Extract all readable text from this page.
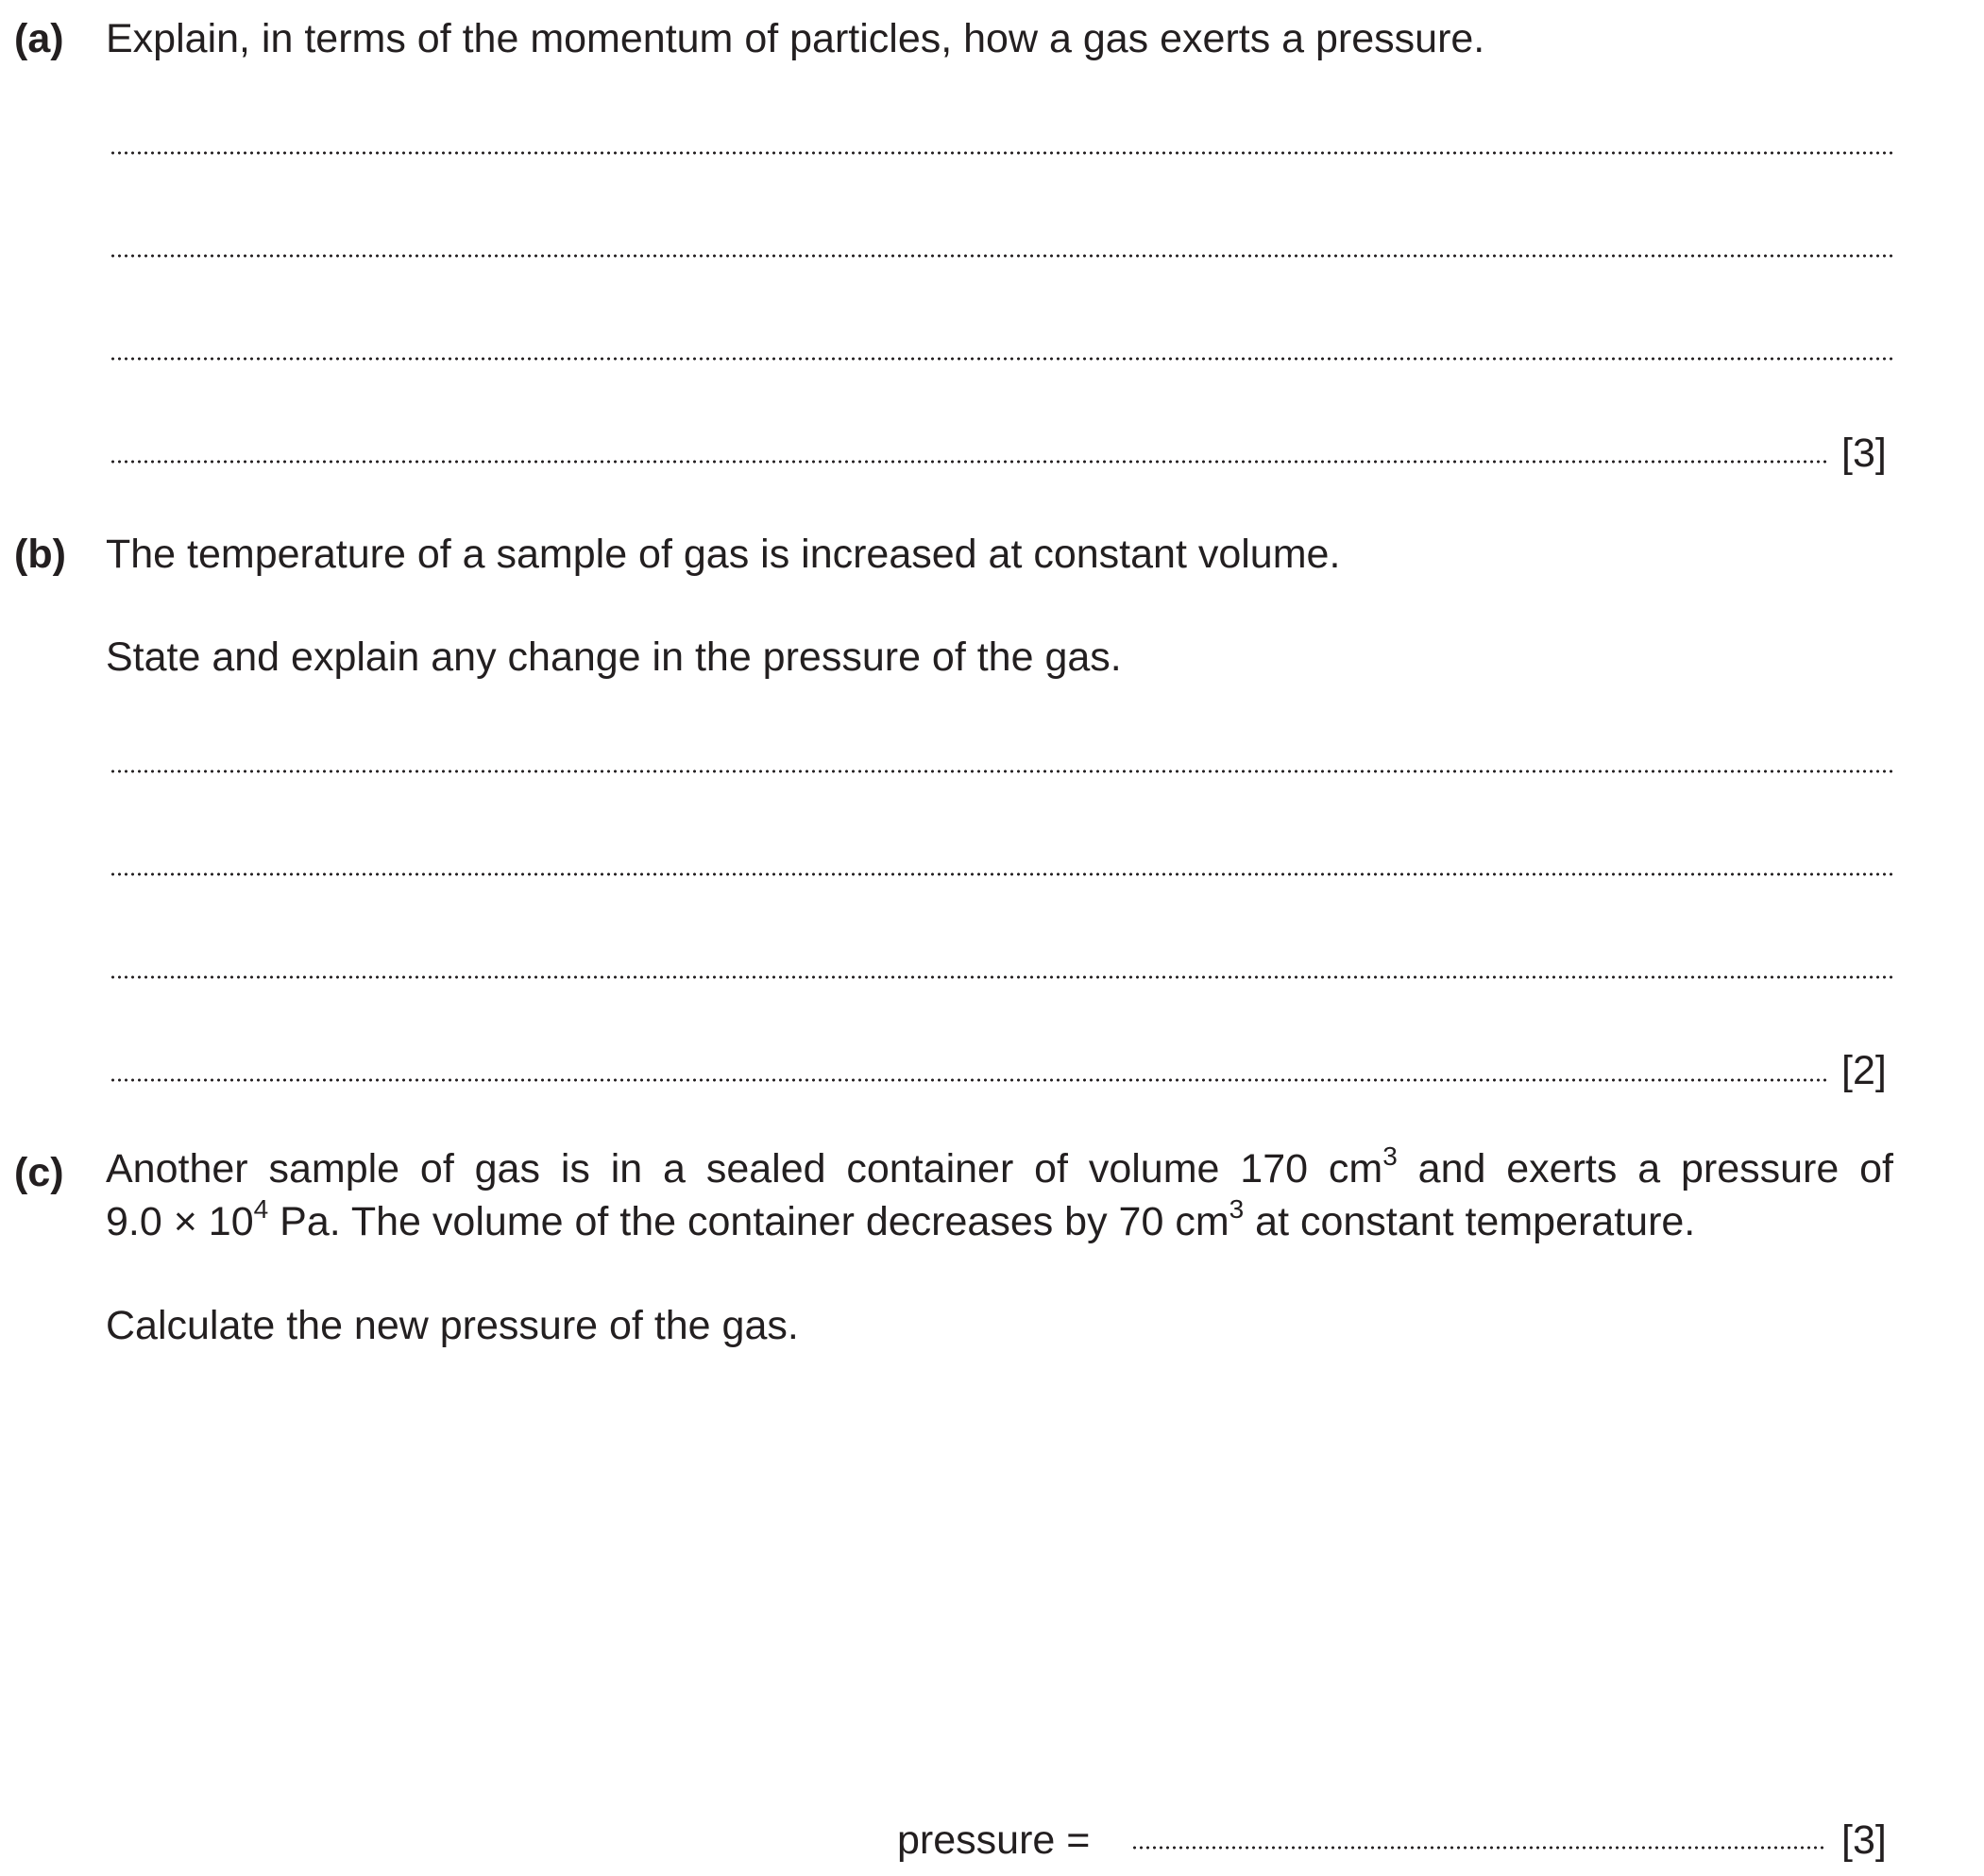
(a) Explain, in terms of the momentum of particles, how a gas exerts a pressure.
[3]
(b) The temperature of a sample of gas is increased at constant volume.
State and explain any change in the pressure of the gas.
[2]
(c) Another sample of gas is in a sealed container of volume 170 $cm^3$ and exerts a pressure of
$9.0 \times 10^4$ Pa. The volume of the container decreases by 70 $cm^3$ at constant temperature.
Calculate the new pressure of the gas.
pressure =	[3]
